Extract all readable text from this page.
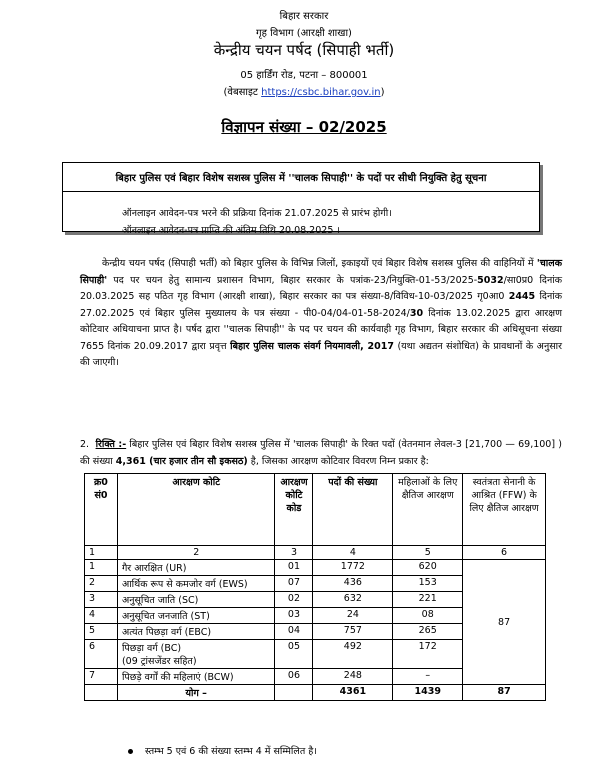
बिहार सरकार
गृह विभाग (आरक्षी शाखा)
केन्द्रीय चयन पर्षद (सिपाही भर्ती)
05 हार्डिंग रोड, पटना – 800001
(वेबसाइट https://csbc.bihar.gov.in)
विज्ञापन संख्या – 02/2025
बिहार पुलिस एवं बिहार विशेष सशस्त्र पुलिस में ''चालक सिपाही'' के पदों पर सीधी नियुक्ति हेतु सूचना
ऑनलाइन आवेदन-पत्र भरने की प्रक्रिया दिनांक 21.07.2025 से प्रारंभ होगी।
ऑनलाइन आवेदन-पत्र प्राप्ति की अंतिम तिथि 20.08.2025 ।
केन्द्रीय चयन पर्षद (सिपाही भर्ती) को बिहार पुलिस के विभिन्न जिलों, इकाइयों एवं बिहार विशेष सशस्त्र पुलिस की वाहिनियों में 'चालक सिपाही' पद पर चयन हेतु सामान्य प्रशासन विभाग, बिहार सरकार के पत्रांक-23/नियुक्ति-01-53/2025-5032/सा0प्र0 दिनांक 20.03.2025 सह पठित गृह विभाग (आरक्षी शाखा), बिहार सरकार का पत्र संख्या-8/विविध-10-03/2025 गृ0आ0 2445 दिनांक 27.02.2025 एवं बिहार पुलिस मुख्यालय के पत्र संख्या - पी0-04/04-01-58-2024/30 दिनांक 13.02.2025 द्वारा आरक्षण कोटिवार अधियाचना प्राप्त है। पर्षद द्वारा ''चालक सिपाही'' के पद पर चयन की कार्यवाही गृह विभाग, बिहार सरकार की अधिसूचना संख्या 7655 दिनांक 20.09.2017 द्वारा प्रवृत्त बिहार पुलिस चालक संवर्ग नियमावली, 2017 (यथा अद्यतन संशोधित) के प्रावधानों के अनुसार की जाएगी।
2. रिक्ति :- बिहार पुलिस एवं बिहार विशेष सशस्त्र पुलिस में 'चालक सिपाही' के रिक्त पदों (वेतनमान लेवल-3 [21,700 — 69,100] ) की संख्या 4,361 (चार हजार तीन सौ इकसठ) है, जिसका आरक्षण कोटिवार विवरण निम्न प्रकार है:
क्र0 सं0	आरक्षण कोटि	आरक्षण कोटि कोड	पदों की संख्या	महिलाओं के लिए क्षैतिज आरक्षण	स्वतंत्रता सेनानी के आश्रित (FFW) के लिए क्षैतिज आरक्षण
1	2	3	4	5	6
1	गैर आरक्षित (UR)	01	1772	620	87
2	आर्थिक रूप से कमजोर वर्ग (EWS)	07	436	153	
3	अनुसूचित जाति (SC)	02	632	221	
4	अनुसूचित जनजाति (ST)	03	24	08	
5	अत्यंत पिछड़ा वर्ग (EBC)	04	757	265	
6	पिछड़ा वर्ग (BC)
(09 ट्रांसजेंडर सहित)	05	492	172	
7	पिछड़े वर्गों की महिलाएं (BCW)	06	248	–	
	योग –		4361	1439	87
स्तम्भ 5 एवं 6 की संख्या स्तम्भ 4 में सम्मिलित है।
